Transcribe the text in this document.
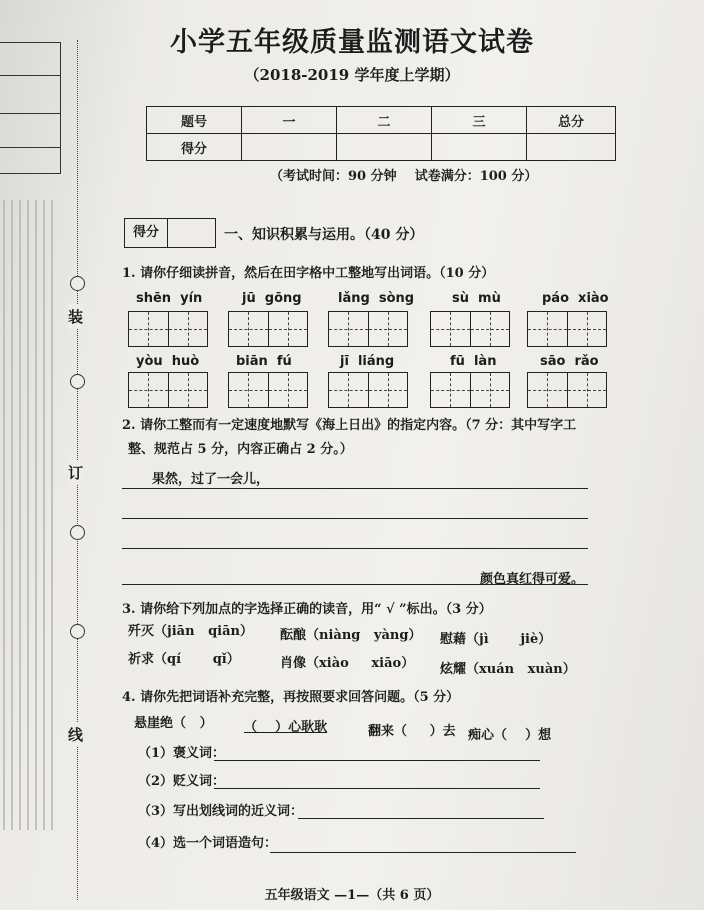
装
订
线
小学五年级质量监测语文试卷
（2018-2019 学年度上学期）
题号	一	二	三	总分
得分				
（考试时间：90 分钟    试卷满分：100 分）
得分	一、知识积累与运用。（40 分）
1. 请你仔细读拼音，然后在田字格中工整地写出词语。（10 分）
shēn  yín	jū  gōng	lǎng  sòng	sù  mù	páo  xiào
yòu  huò	biān  fú	jī  liáng	fū  làn	sāo  rǎo
2. 请你工整而有一定速度地默写《海上日出》的指定内容。（7 分：其中写字工
整、规范占 5 分，内容正确占 2 分。）
果然，过了一会儿，
颜色真红得可爱。
3. 请你给下列加点的字选择正确的读音，用“ √ ”标出。（3 分）
歼灭（jiān   qiān） 酝酿（niàng   yàng） 慰藉（jì       jiè）
祈求（qí       qǐ）	肖像（xiào     xiāo） 炫耀（xuán   xuàn）
4. 请你先把词语补充完整，再按照要求回答问题。（5 分）
悬崖绝（   ） （    ）心耿耿	翻来（     ）去 痴心（    ）想
（1）褒义词：
（2）贬义词：
（3）写出划线词的近义词：
（4）选一个词语造句：
五年级语文 —1—（共 6 页）
